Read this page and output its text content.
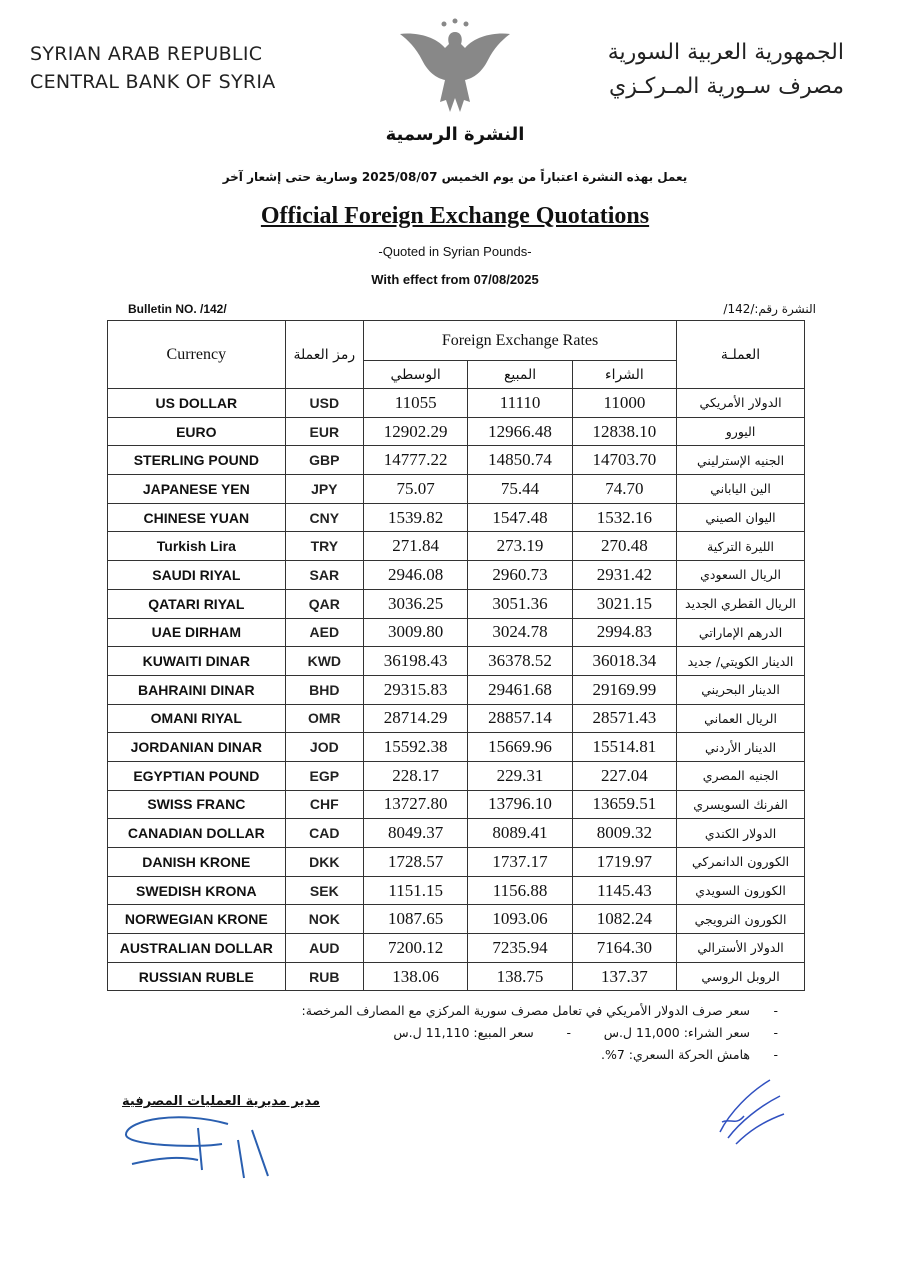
SYRIAN ARAB REPUBLIC
CENTRAL BANK OF SYRIA
الجمهورية العربية السورية
مصرف سـورية المـركـزي
النشرة الرسمية
يعمل بهذه النشرة اعتباراً من يوم الخميس 2025/08/07 وسارية حتى إشعار آخر
Official Foreign Exchange Quotations
-Quoted in Syrian Pounds-
With effect from 07/08/2025
Bulletin NO. /142/	النشرة رقم:/142/
Currency	رمز العملة	Foreign Exchange Rates			العملـة
		الوسطي	المبيع	الشراء	
US DOLLAR	USD	11055	11110	11000	الدولار الأمريكي
EURO	EUR	12902.29	12966.48	12838.10	اليورو
STERLING POUND	GBP	14777.22	14850.74	14703.70	الجنيه الإسترليني
JAPANESE YEN	JPY	75.07	75.44	74.70	الين الياباني
CHINESE YUAN	CNY	1539.82	1547.48	1532.16	اليوان الصيني
Turkish Lira	TRY	271.84	273.19	270.48	الليرة التركية
SAUDI RIYAL	SAR	2946.08	2960.73	2931.42	الريال السعودي
QATARI RIYAL	QAR	3036.25	3051.36	3021.15	الريال القطري الجديد
UAE DIRHAM	AED	3009.80	3024.78	2994.83	الدرهم الإماراتي
KUWAITI DINAR	KWD	36198.43	36378.52	36018.34	الدينار الكويتي/ جديد
BAHRAINI DINAR	BHD	29315.83	29461.68	29169.99	الدينار البحريني
OMANI RIYAL	OMR	28714.29	28857.14	28571.43	الريال العماني
JORDANIAN DINAR	JOD	15592.38	15669.96	15514.81	الدينار الأردني
EGYPTIAN POUND	EGP	228.17	229.31	227.04	الجنيه المصري
SWISS FRANC	CHF	13727.80	13796.10	13659.51	الفرنك السويسري
CANADIAN DOLLAR	CAD	8049.37	8089.41	8009.32	الدولار الكندي
DANISH KRONE	DKK	1728.57	1737.17	1719.97	الكورون الدانمركي
SWEDISH KRONA	SEK	1151.15	1156.88	1145.43	الكورون السويدي
NORWEGIAN KRONE	NOK	1087.65	1093.06	1082.24	الكورون النرويجي
AUSTRALIAN DOLLAR	AUD	7200.12	7235.94	7164.30	الدولار الأسترالي
RUSSIAN RUBLE	RUB	138.06	138.75	137.37	الروبل الروسي
-سعر صرف الدولار الأمريكي في تعامل مصرف سورية المركزي مع المصارف المرخصة:
-سعر الشراء: 11,000 ل.س-سعر المبيع: 11,110 ل.س
-هامش الحركة السعري: 7%.
مدير مديرية العمليات المصرفية
